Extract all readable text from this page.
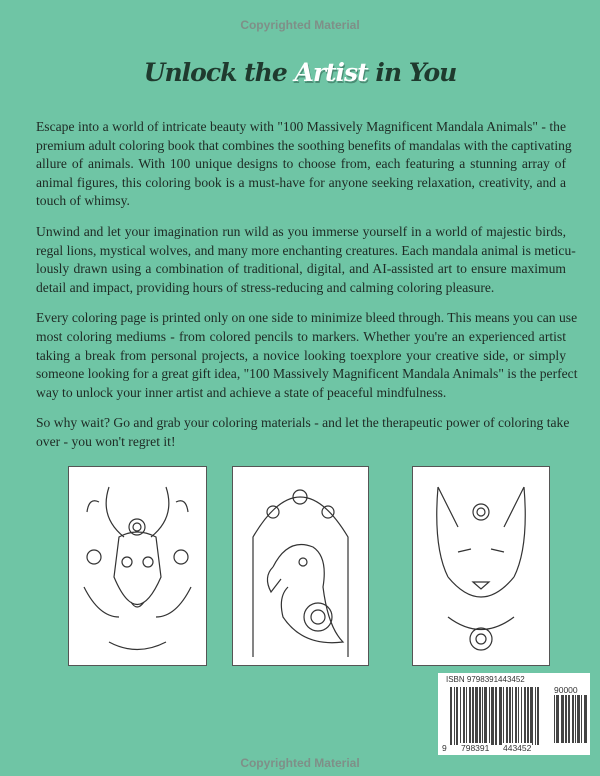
Copyrighted Material
Unlock the Artist in You
Escape into a world of intricate beauty with "100 Massively Magnificent Mandala Animals" - the
premium adult coloring book that combines the soothing benefits of mandalas with the captivating
allure of animals. With 100 unique designs to choose from, each featuring a stunning array of
animal figures, this coloring book is a must-have for anyone seeking relaxation, creativity, and a
touch of whimsy.
Unwind and let your imagination run wild as you immerse yourself in a world of majestic birds,
regal lions, mystical wolves, and many more enchanting creatures. Each mandala animal is meticu-
lously drawn using a combination of traditional, digital, and AI-assisted art to ensure maximum
detail and impact, providing hours of stress-reducing and calming coloring pleasure.
Every coloring page is printed only on one side to minimize bleed through. This means you can use
most coloring mediums - from colored pencils to markers. Whether you're an experienced artist
taking a break from personal projects, a novice looking toexplore your creative side, or simply
someone looking for a great gift idea, "100 Massively Magnificent Mandala Animals" is the perfect
way to unlock your inner artist and achieve a state of peaceful mindfulness.
So why wait? Go and grab your coloring materials - and let the therapeutic power of coloring take
over - you won't regret it!
ISBN 9798391443452
90000
9 798391 443452
Copyrighted Material
